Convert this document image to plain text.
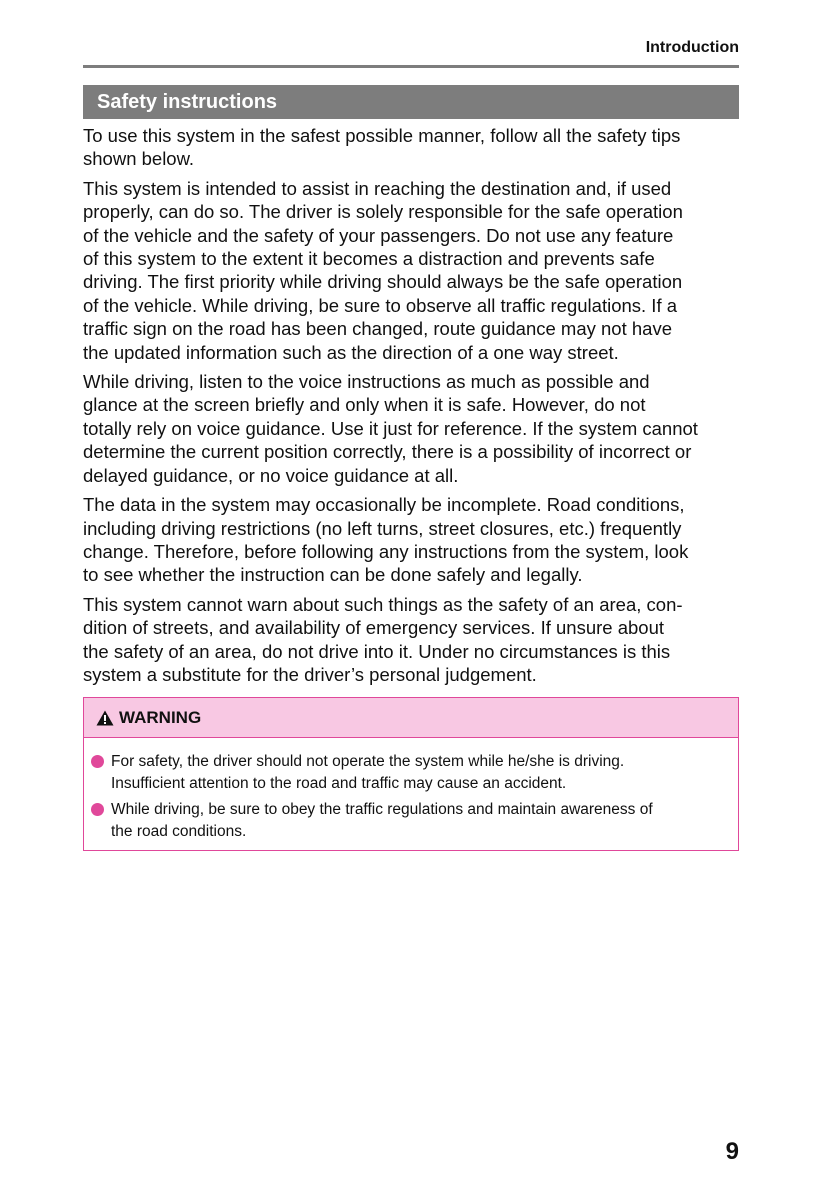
Introduction
Safety instructions

To use this system in the safest possible manner, follow all the safety tips
shown below.

This system is intended to assist in reaching the destination and, if used
properly, can do so. The driver is solely responsible for the safe operation
of the vehicle and the safety of your passengers. Do not use any feature
of this system to the extent it becomes a distraction and prevents safe
driving. The first priority while driving should always be the safe operation
of the vehicle. While driving, be sure to observe all traffic regulations. If a
traffic sign on the road has been changed, route guidance may not have
the updated information such as the direction of a one way street.

While driving, listen to the voice instructions as much as possible and
glance at the screen briefly and only when it is safe. However, do not
totally rely on voice guidance. Use it just for reference. If the system cannot
determine the current position correctly, there is a possibility of incorrect or
delayed guidance, or no voice guidance at all.

The data in the system may occasionally be incomplete. Road conditions,
including driving restrictions (no left turns, street closures, etc.) frequently
change. Therefore, before following any instructions from the system, look
to see whether the instruction can be done safely and legally.

This system cannot warn about such things as the safety of an area, con-
dition of streets, and availability of emergency services. If unsure about
the safety of an area, do not drive into it. Under no circumstances is this
system a substitute for the driver’s personal judgement.

WARNING
For safety, the driver should not operate the system while he/she is driving.
Insufficient attention to the road and traffic may cause an accident.
While driving, be sure to obey the traffic regulations and maintain awareness of
the road conditions.
9
